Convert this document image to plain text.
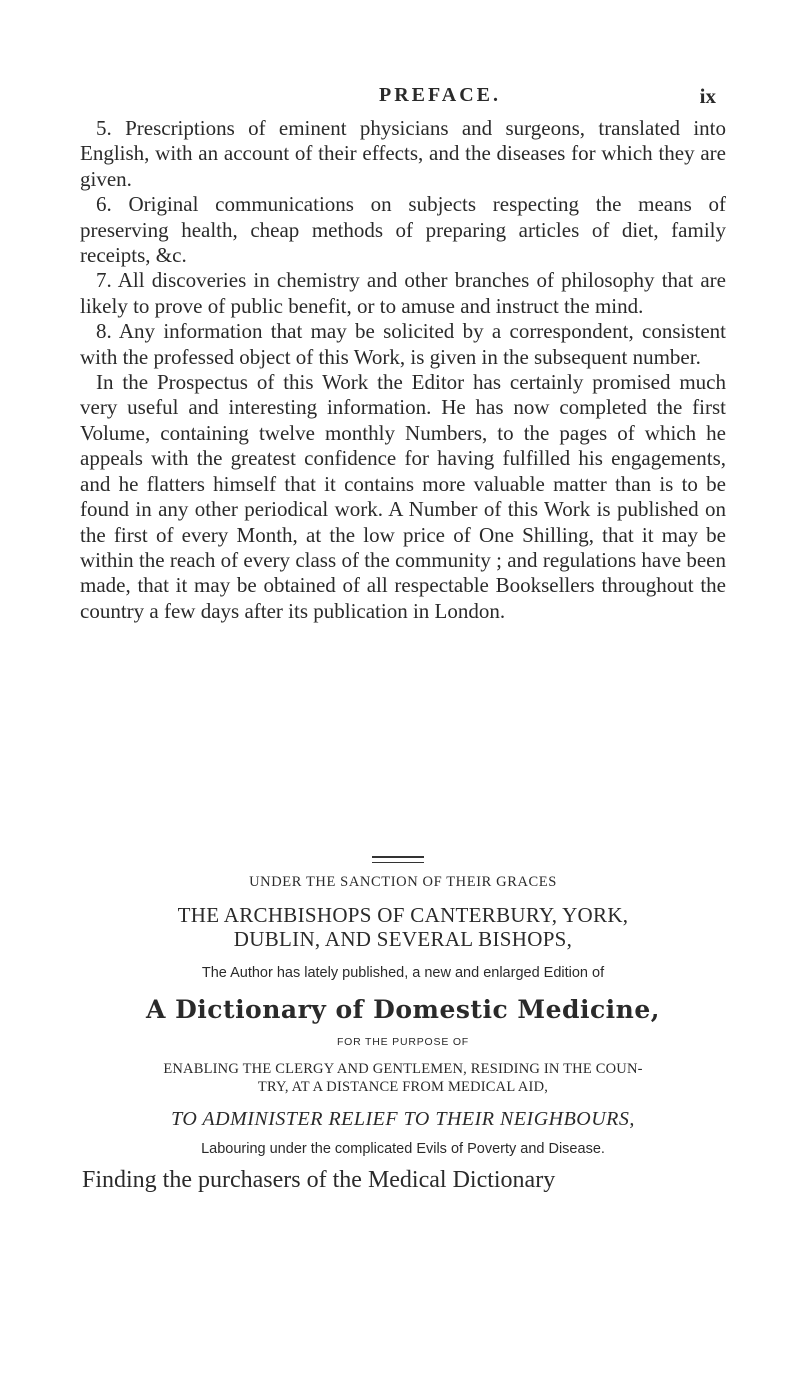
PREFACE.	ix

5. Prescriptions of eminent physicians and surgeons, translated into English, with an account of their effects, and the diseases for which they are given.

6. Original communications on subjects respecting the means of preserving health, cheap methods of preparing articles of diet, family receipts, &c.

7. All discoveries in chemistry and other branches of philosophy that are likely to prove of public benefit, or to amuse and instruct the mind.

8. Any information that may be solicited by a correspondent, consistent with the professed object of this Work, is given in the subsequent number.

In the Prospectus of this Work the Editor has certainly promised much very useful and interesting information. He has now completed the first Volume, containing twelve monthly Numbers, to the pages of which he appeals with the greatest confidence for having fulfilled his engagements, and he flatters himself that it contains more valuable matter than is to be found in any other periodical work. A Number of this Work is published on the first of every Month, at the low price of One Shilling, that it may be within the reach of every class of the community ; and regulations have been made, that it may be obtained of all respectable Booksellers throughout the country a few days after its publication in London.

UNDER THE SANCTION OF THEIR GRACES
THE ARCHBISHOPS OF CANTERBURY, YORK,
DUBLIN, AND SEVERAL BISHOPS,
The Author has lately published, a new and enlarged Edition of
A Dictionary of Domestic Medicine,
FOR THE PURPOSE OF
ENABLING THE CLERGY AND GENTLEMEN, RESIDING IN THE COUN-
TRY, AT A DISTANCE FROM MEDICAL AID,
TO ADMINISTER RELIEF TO THEIR NEIGHBOURS,
Labouring under the complicated Evils of Poverty and Disease.
Finding the purchasers of the Medical Dictionary
